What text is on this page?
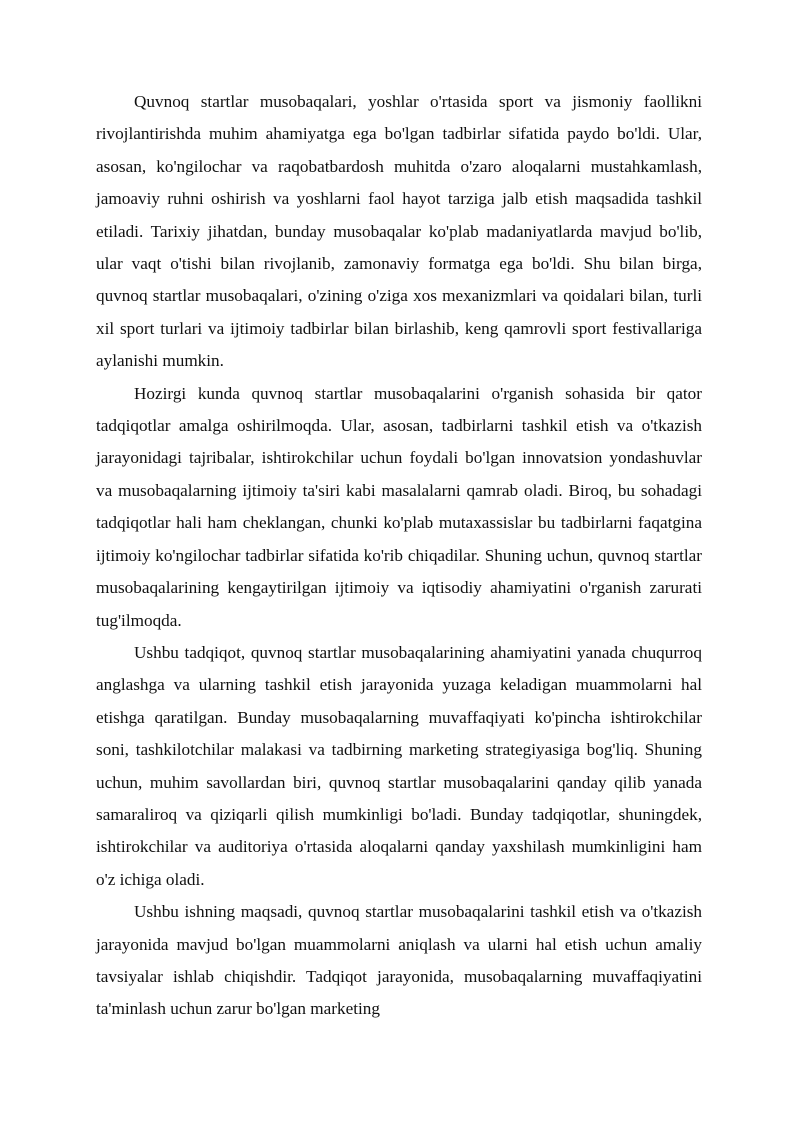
Quvnoq startlar musobaqalari, yoshlar o'rtasida sport va jismoniy faollikni rivojlantirishda muhim ahamiyatga ega bo'lgan tadbirlar sifatida paydo bo'ldi. Ular, asosan, ko'ngilochar va raqobatbardosh muhitda o'zaro aloqalarni mustahkamlash, jamoaviy ruhni oshirish va yoshlarni faol hayot tarziga jalb etish maqsadida tashkil etiladi. Tarixiy jihatdan, bunday musobaqalar ko'plab madaniyatlarda mavjud bo'lib, ular vaqt o'tishi bilan rivojlanib, zamonaviy formatga ega bo'ldi. Shu bilan birga, quvnoq startlar musobaqalari, o'zining o'ziga xos mexanizmlari va qoidalari bilan, turli xil sport turlari va ijtimoiy tadbirlar bilan birlashib, keng qamrovli sport festivallariga aylanishi mumkin.

Hozirgi kunda quvnoq startlar musobaqalarini o'rganish sohasida bir qator tadqiqotlar amalga oshirilmoqda. Ular, asosan, tadbirlarni tashkil etish va o'tkazish jarayonidagi tajribalar, ishtirokchilar uchun foydali bo'lgan innovatsion yondashuvlar va musobaqalarning ijtimoiy ta'siri kabi masalalarni qamrab oladi. Biroq, bu sohadagi tadqiqotlar hali ham cheklangan, chunki ko'plab mutaxassislar bu tadbirlarni faqatgina ijtimoiy ko'ngilochar tadbirlar sifatida ko'rib chiqadilar. Shuning uchun, quvnoq startlar musobaqalarining kengaytirilgan ijtimoiy va iqtisodiy ahamiyatini o'rganish zarurati tug'ilmoqda.

Ushbu tadqiqot, quvnoq startlar musobaqalarining ahamiyatini yanada chuqurroq anglashga va ularning tashkil etish jarayonida yuzaga keladigan muammolarni hal etishga qaratilgan. Bunday musobaqalarning muvaffaqiyati ko'pincha ishtirokchilar soni, tashkilotchilar malakasi va tadbirning marketing strategiyasiga bog'liq. Shuning uchun, muhim savollardan biri, quvnoq startlar musobaqalarini qanday qilib yanada samaraliroq va qiziqarli qilish mumkinligi bo'ladi. Bunday tadqiqotlar, shuningdek, ishtirokchilar va auditoriya o'rtasida aloqalarni qanday yaxshilash mumkinligini ham o'z ichiga oladi.

Ushbu ishning maqsadi, quvnoq startlar musobaqalarini tashkil etish va o'tkazish jarayonida mavjud bo'lgan muammolarni aniqlash va ularni hal etish uchun amaliy tavsiyalar ishlab chiqishdir. Tadqiqot jarayonida, musobaqalarning muvaffaqiyatini ta'minlash uchun zarur bo'lgan marketing
